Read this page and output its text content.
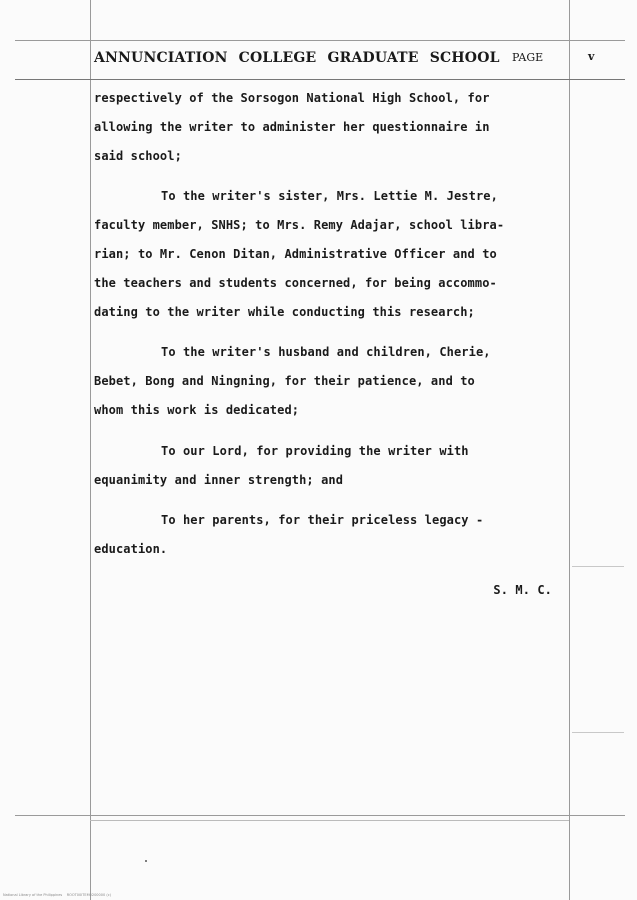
ANNUNCIATION COLLEGE GRADUATE SCHOOL PAGE	v
respectively of the Sorsogon National High School, for
allowing the writer to administer her questionnaire in
said school;
To the writer's sister, Mrs. Lettie M. Jestre,
faculty member, SNHS; to Mrs. Remy Adajar, school libra-
rian; to Mr. Cenon Ditan, Administrative Officer and to
the teachers and students concerned, for being accommo-
dating to the writer while conducting this research;
To the writer's husband and children, Cherie,
Bebet, Bong and Ningning, for their patience, and to
whom this work is dedicated;
To our Lord, for providing the writer with
equanimity and inner strength; and
To her parents, for their priceless legacy -
education.
S. M. C.
National Library of the Philippines    ROOT00ITEM0200000 (c)
